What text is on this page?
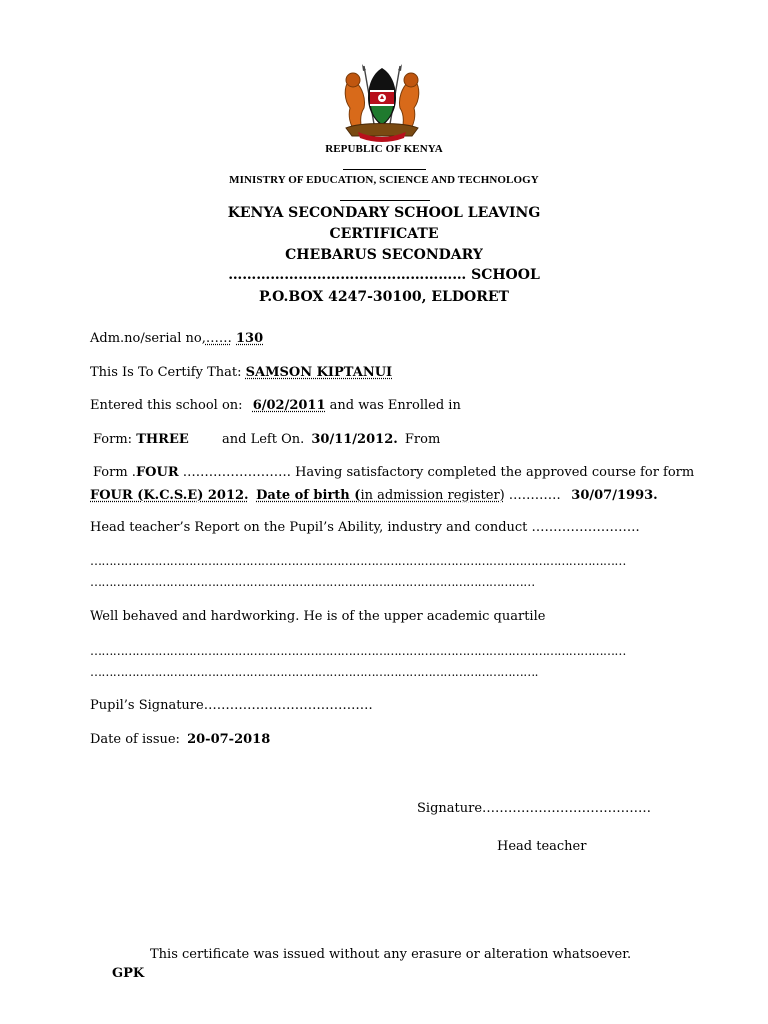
REPUBLIC OF KENYA
MINISTRY OF EDUCATION, SCIENCE AND TECHNOLOGY
KENYA SECONDARY SCHOOL LEAVING
CERTIFICATE
CHEBARUS SECONDARY
…………………………………………… SCHOOL
P.O.BOX 4247-30100, ELDORET
Adm.no/serial no,…… 130
This Is To Certify That: SAMSON KIPTANUI
Entered this school on: 6/02/2011 and was Enrolled in
Form: THREE	and Left On. 30/11/2012. From
Form .FOUR ……………………. Having satisfactory completed the approved course for form
FOUR (K.C.S.E) 2012. Date of birth (in admission register) ………… 30/07/1993.
Head teacher’s Report on the Pupil’s Ability, industry and conduct …………………….
……………………………………………………………………………………………………………………………
………………………………………………………………………………………………………
Well behaved and hardworking. He is of the upper academic quartile
……………………………………………………………………………………………………………………………
……………………………………………………………………………………………………….
Pupil’s Signature…………………………………
Date of issue: 20-07-2018
Signature…………………………………
Head teacher
This certificate was issued without any erasure or alteration whatsoever.
GPK
